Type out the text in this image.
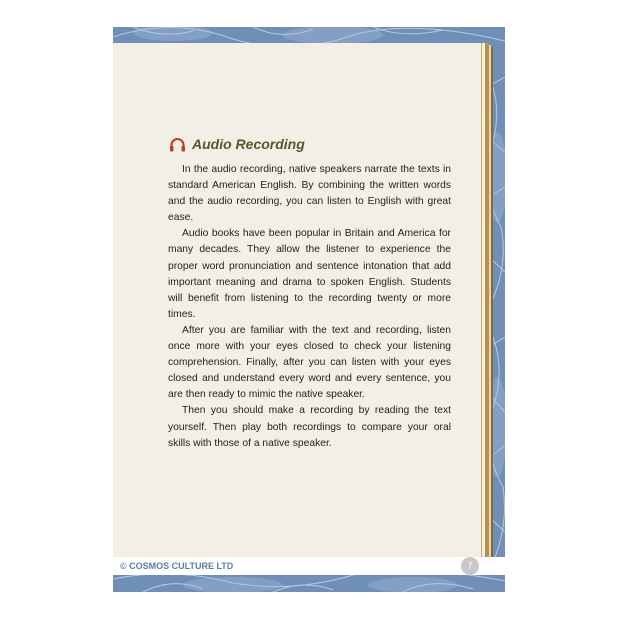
Audio Recording

In the audio recording, native speakers narrate the texts in standard American English. By combining the written words and the audio recording, you can listen to English with great ease.

Audio books have been popular in Britain and America for many decades. They allow the listener to experience the proper word pronunciation and sentence intonation that add important meaning and drama to spoken English. Students will benefit from listening to the recording twenty or more times.

After you are familiar with the text and recording, listen once more with your eyes closed to check your listening comprehension. Finally, after you can listen with your eyes closed and understand every word and every sentence, you are then ready to mimic the native speaker.

Then you should make a recording by reading the text yourself. Then play both recordings to compare your oral skills with those of a native speaker.

© COSMOS CULTURE LTD	7
